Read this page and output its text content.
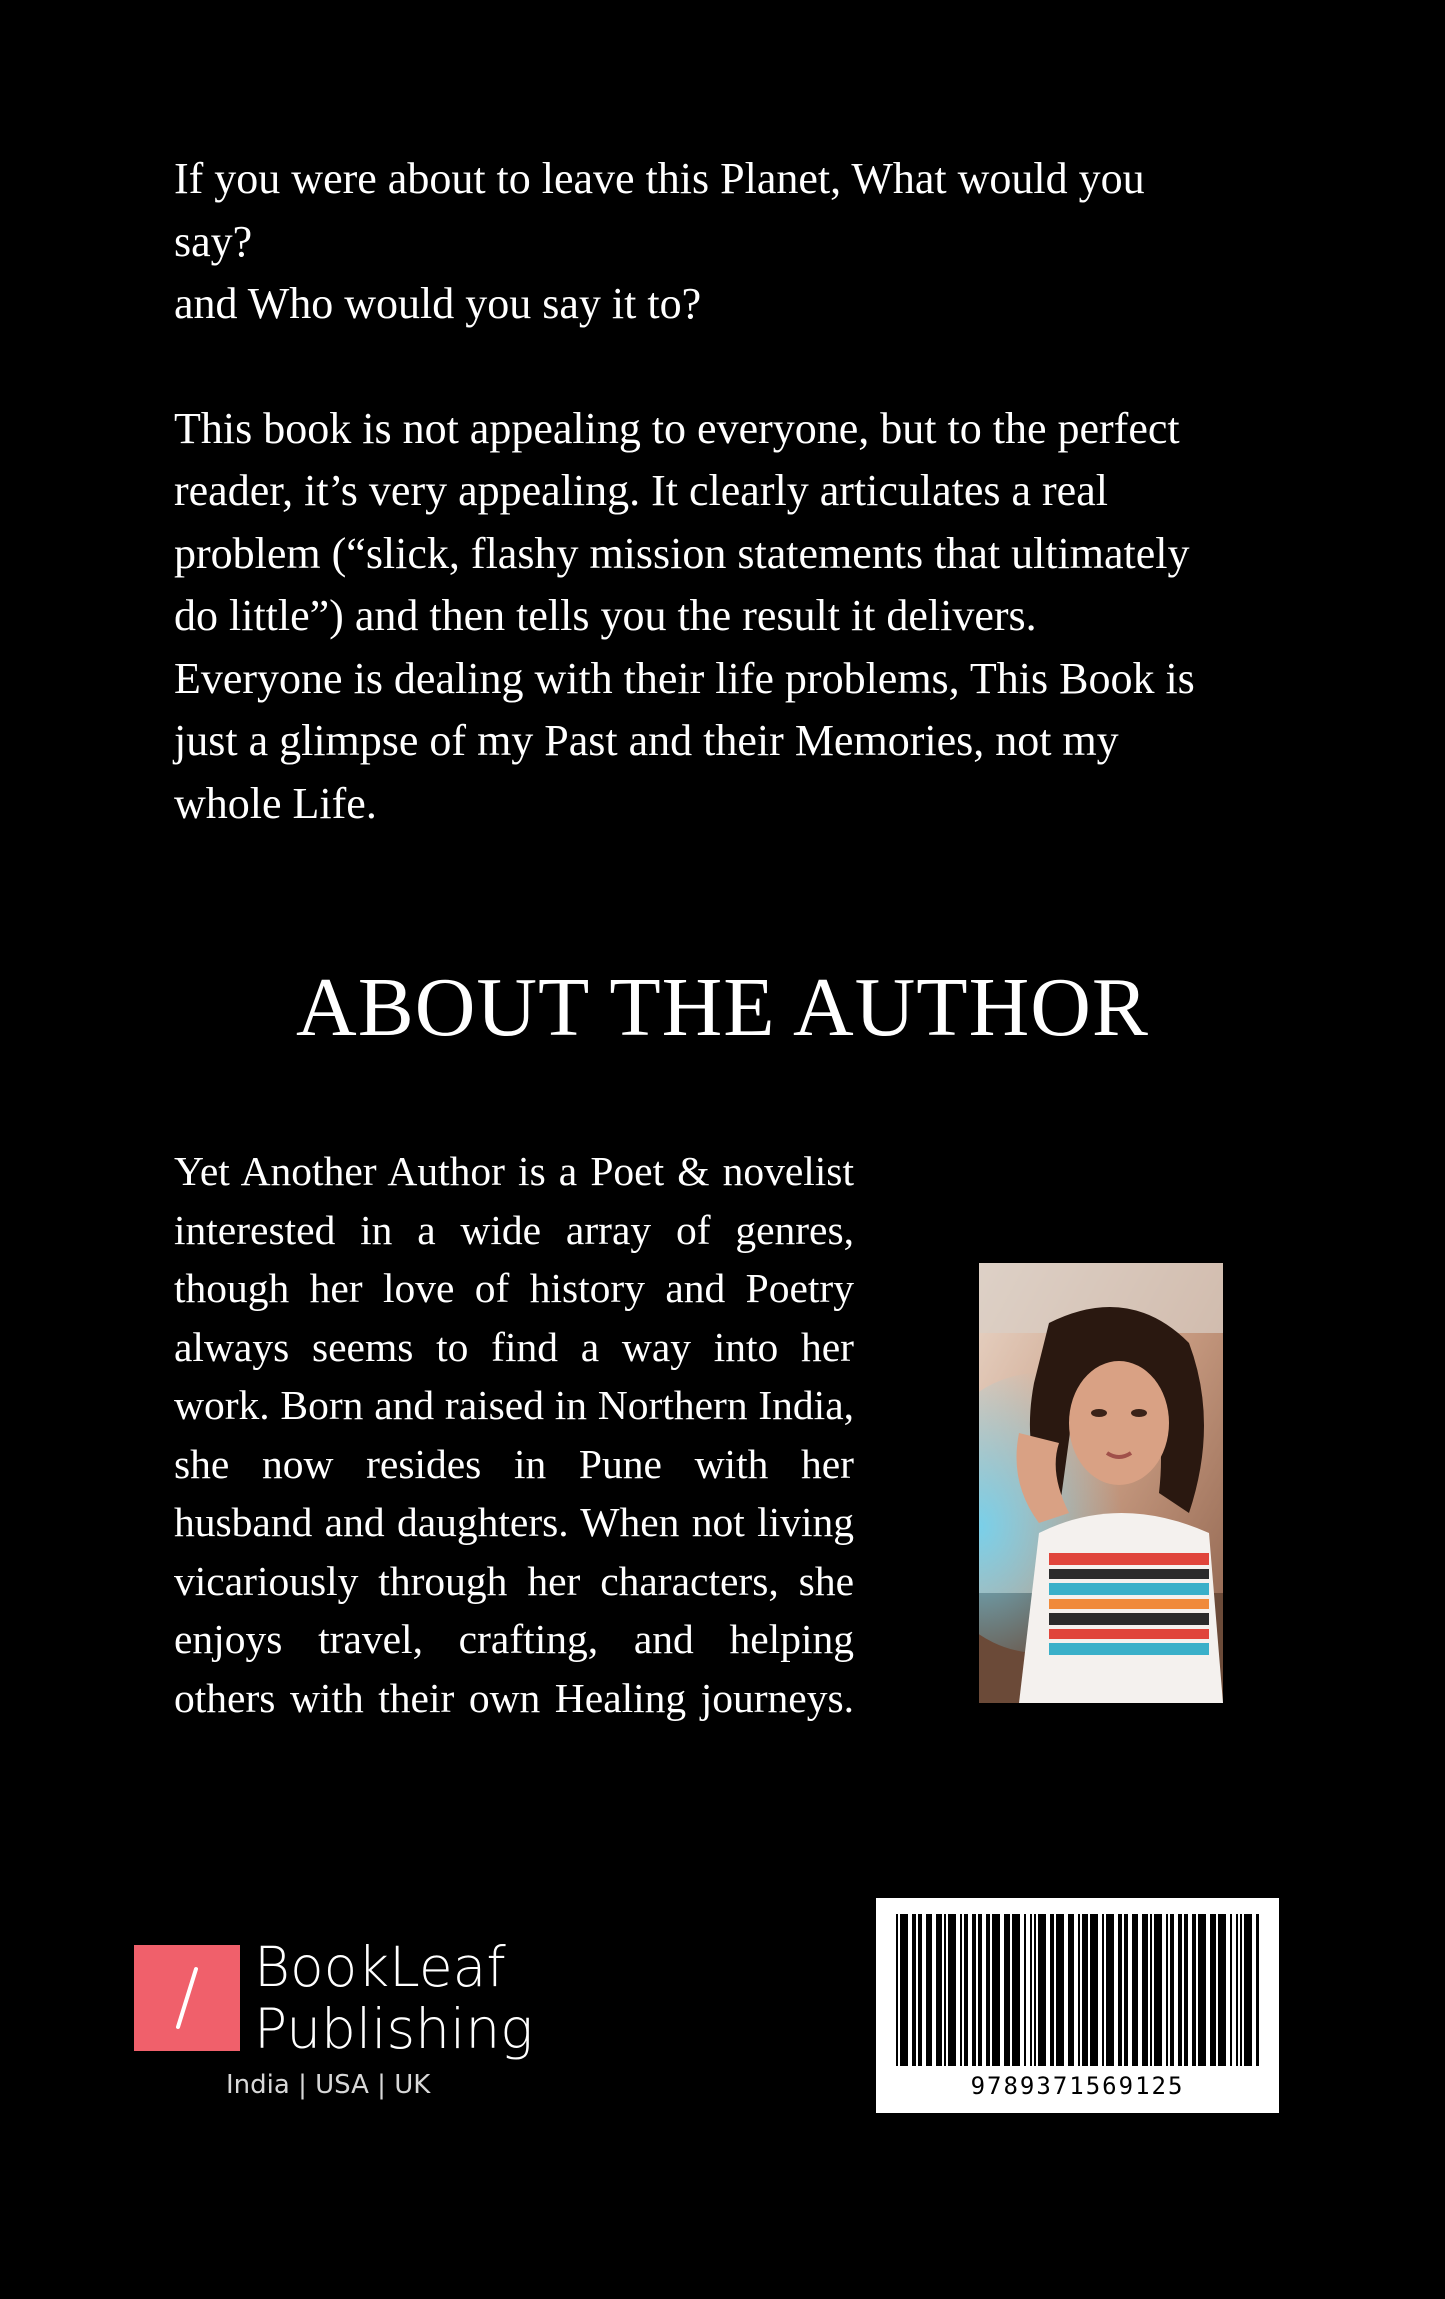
If you were about to leave this Planet, What would you

say?

and Who would you say it to?

This book is not appealing to everyone, but to the perfect

reader, it’s very appealing. It clearly articulates a real

problem (“slick, flashy mission statements that ultimately

do little”) and then tells you the result it delivers.

Everyone is dealing with their life problems, This Book is

just a glimpse of my Past and their Memories, not my

whole Life.

ABOUT THE AUTHOR

Yet Another Author is a Poet & novelist interested in a wide array of genres, though her love of history and Poetry always seems to find a way into her work. Born and raised in Northern India, she now resides in Pune with her husband and daughters. When not living vicariously through her characters, she enjoys travel, crafting, and helping others with their own Healing journeys.

BookLeaf
Publishing
India | USA | UK	9789371569125
